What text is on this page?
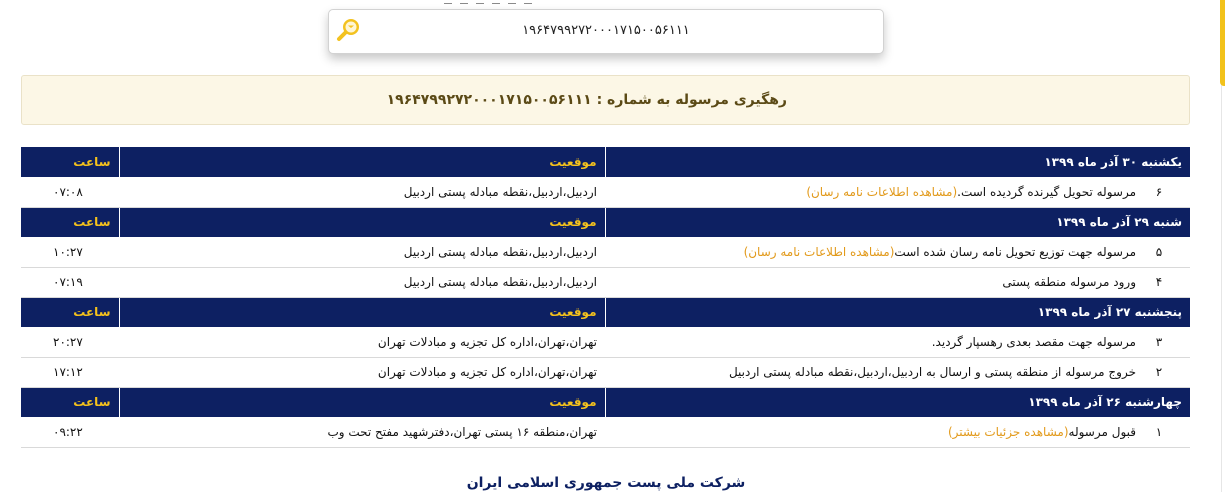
۱۹۶۴۷۹۹۲۷۲۰۰۰۱۷۱۵۰۰۵۶۱۱۱
رهگیری مرسوله به شماره : ۱۹۶۴۷۹۹۲۷۲۰۰۰۱۷۱۵۰۰۵۶۱۱۱
یکشنبه ۳۰ آذر ماه ۱۳۹۹	موقعیت	ساعت
۶مرسوله تحویل گیرنده گردیده است.(مشاهده اطلاعات نامه رسان)	اردبیل،اردبیل،نقطه مبادله پستی اردبیل	۰۷:۰۸
شنبه ۲۹ آذر ماه ۱۳۹۹	موقعیت	ساعت
۵مرسوله جهت توزیع تحویل نامه رسان شده است(مشاهده اطلاعات نامه رسان)	اردبیل،اردبیل،نقطه مبادله پستی اردبیل	۱۰:۲۷
۴ورود مرسوله منطقه پستی	اردبیل،اردبیل،نقطه مبادله پستی اردبیل	۰۷:۱۹
پنجشنبه ۲۷ آذر ماه ۱۳۹۹	موقعیت	ساعت
۳مرسوله جهت مقصد بعدی رهسپار گردید.	تهران،تهران،اداره کل تجزیه و مبادلات تهران	۲۰:۲۷
۲خروج مرسوله از منطقه پستی و ارسال به اردبیل،اردبیل،نقطه مبادله پستی اردبیل	تهران،تهران،اداره کل تجزیه و مبادلات تهران	۱۷:۱۲
چهارشنبه ۲۶ آذر ماه ۱۳۹۹	موقعیت	ساعت
۱قبول مرسوله(مشاهده جزئیات بیشتر)	تهران،منطقه ۱۶ پستی تهران،دفترشهید مفتح تحت وب	۰۹:۲۲
شرکت ملی پست جمهوری اسلامی ایران
